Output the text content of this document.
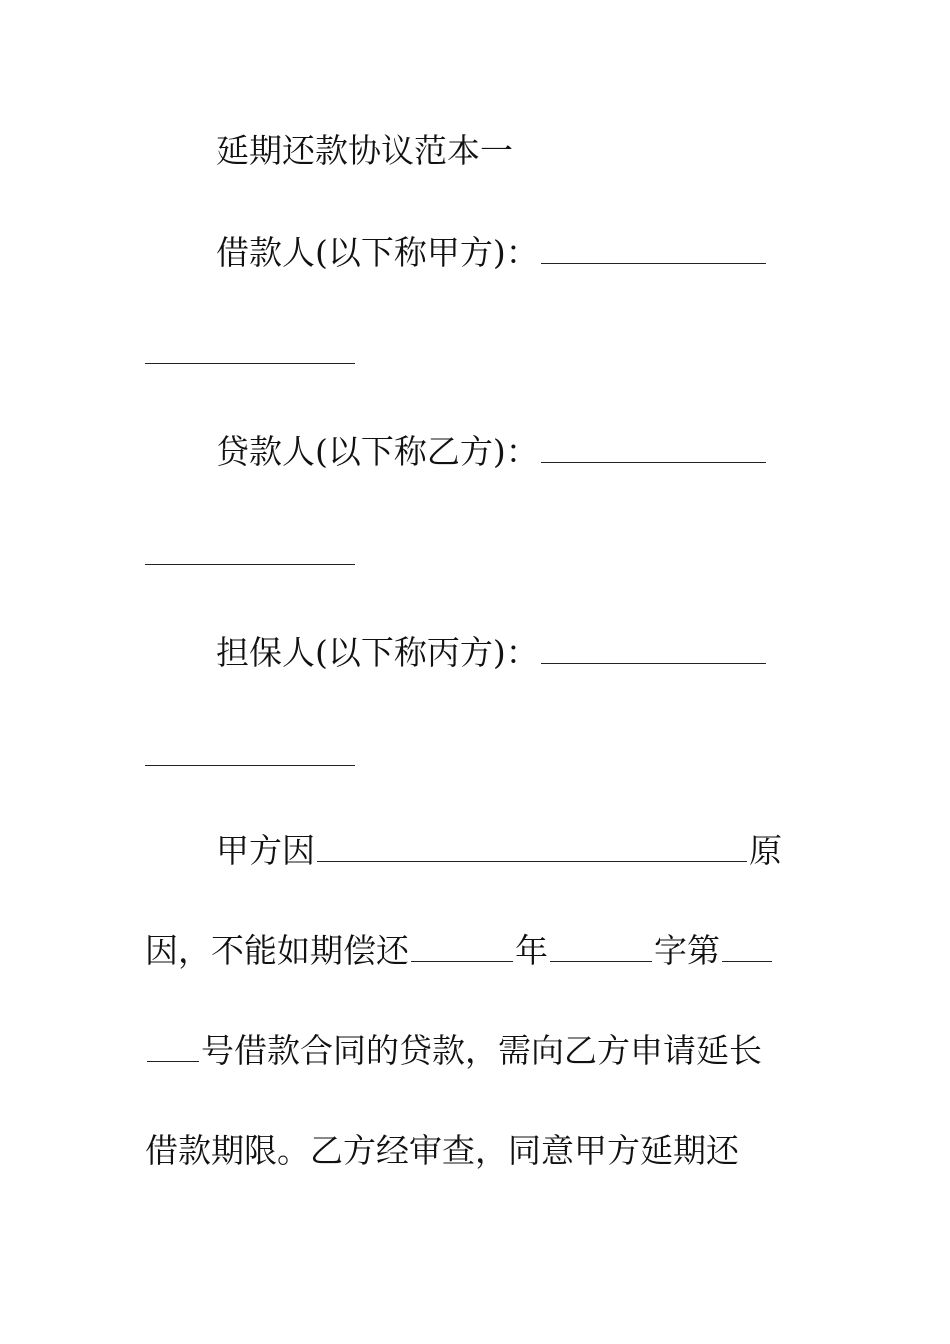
延期还款协议范本一
借款人(以下称甲方)：
贷款人(以下称乙方)：
担保人(以下称丙方)：
甲方因	原
因，不能如期偿还	年	字第
号借款合同的贷款，需向乙方申请延长
借款期限。乙方经审查，同意甲方延期还
